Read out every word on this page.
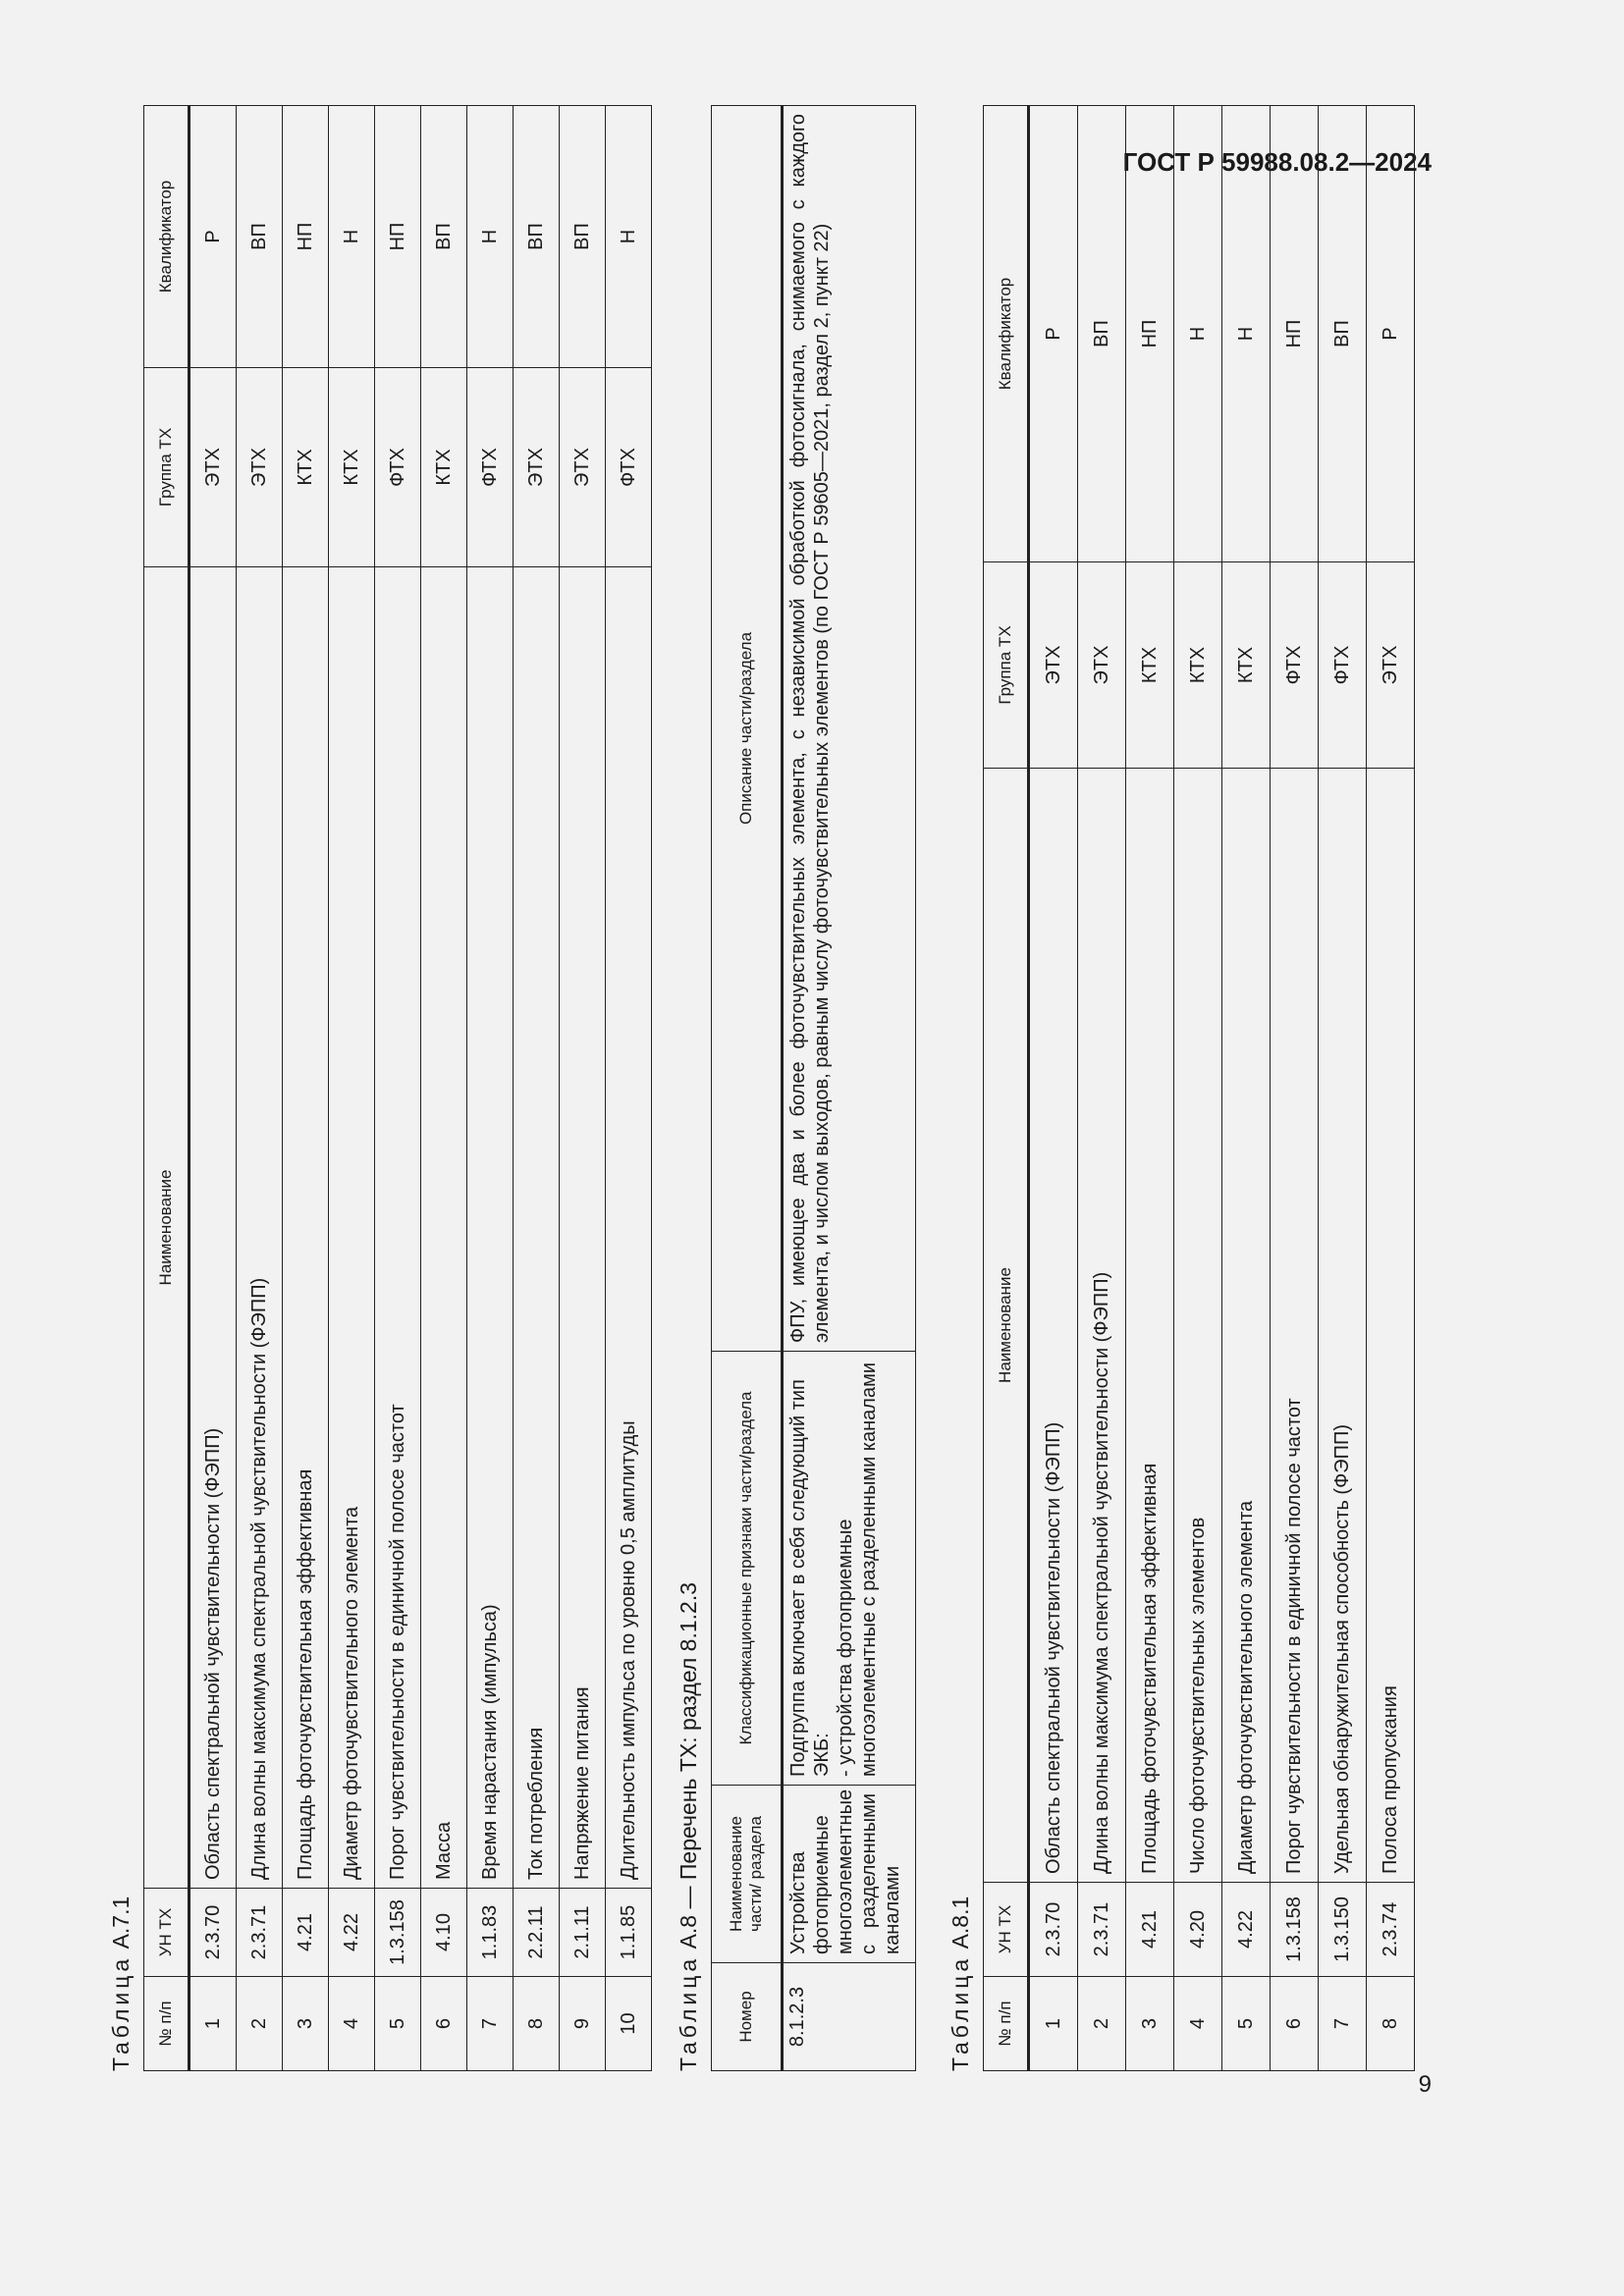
ГОСТ Р 59988.08.2—2024
Таблица А.7.1
№ п/п	УН ТХ	Наименование	Группа ТХ	Квалификатор
1	2.3.70	Область спектральной чувствительности (ФЭПП)	ЭТХ	Р
2	2.3.71	Длина волны максимума спектральной чувствительности (ФЭПП)	ЭТХ	ВП
3	4.21	Площадь фоточувствительная эффективная	КТХ	НП
4	4.22	Диаметр фоточувствительного элемента	КТХ	Н
5	1.3.158	Порог чувствительности в единичной полосе частот	ФТХ	НП
6	4.10	Масса	КТХ	ВП
7	1.1.83	Время нарастания (импульса)	ФТХ	Н
8	2.2.11	Ток потребления	ЭТХ	ВП
9	2.1.11	Напряжение питания	ЭТХ	ВП
10	1.1.85	Длительность импульса по уровню 0,5 амплитуды	ФТХ	Н
Таблица А.8 — Перечень ТХ: раздел 8.1.2.3
Номер	Наименование части/ раздела	Классификационные признаки части/раздела	Описание части/раздела
8.1.2.3	Устройства фотоприемные многоэлементные с разделенными каналами	Подгруппа включает в себя следующий тип ЭКБ: - устройства фотоприемные многоэлементные с разделенными каналами	ФПУ, имеющее два и более фоточувствительных элемента, с независимой обработкой фотосигнала, снимаемого с каждого элемента, и числом выходов, равным числу фоточувствительных элементов (по ГОСТ Р 59605—2021, раздел 2, пункт 22)
Таблица А.8.1
№ п/п	УН ТХ	Наименование	Группа ТХ	Квалификатор
1	2.3.70	Область спектральной чувствительности (ФЭПП)	ЭТХ	Р
2	2.3.71	Длина волны максимума спектральной чувствительности (ФЭПП)	ЭТХ	ВП
3	4.21	Площадь фоточувствительная эффективная	КТХ	НП
4	4.20	Число фоточувствительных элементов	КТХ	Н
5	4.22	Диаметр фоточувствительного элемента	КТХ	Н
6	1.3.158	Порог чувствительности в единичной полосе частот	ФТХ	НП
7	1.3.150	Удельная обнаружительная способность (ФЭПП)	ФТХ	ВП
8	2.3.74	Полоса пропускания	ЭТХ	Р
9
